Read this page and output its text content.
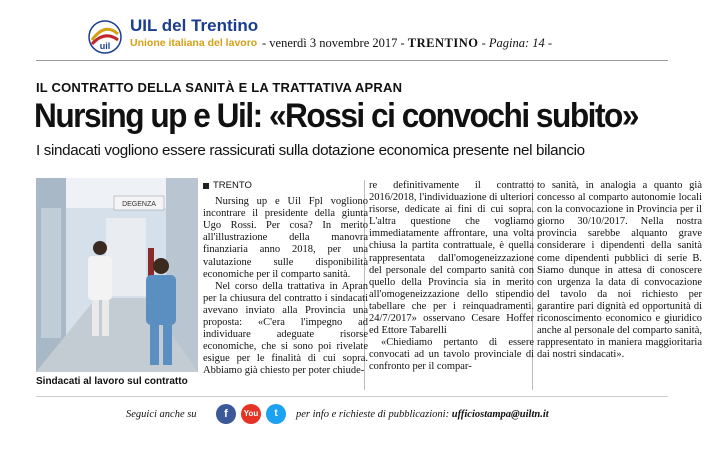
uil
UIL del Trentino
Unione italiana del lavoro - venerdì 3 novembre 2017 - TRENTINO - Pagina: 14 -
IL CONTRATTO DELLA SANITÀ E LA TRATTATIVA APRAN
Nursing up e Uil: «Rossi ci convochi subito»
I sindacati vogliono essere rassicurati sulla dotazione economica presente nel bilancio
DEGENZA
Sindacati al lavoro sul contratto
TRENTO

Nursing up e Uil Fpl vogliono incontrare il presidente della giunta Ugo Rossi. Per cosa? In merito all'illustrazione della manovra finanziaria anno 2018, per una valutazione sulle disponibilità economiche per il comparto sanità.

Nel corso della trattativa in Apran per la chiusura del contratto i sindacati avevano inviato alla Provincia una proposta: «C'era l'impegno ad individuare adeguate risorse economiche, che si sono poi rivelate esigue per le finalità di cui sopra. Abbiamo già chiesto per poter chiude-

re definitivamente il contratto 2016/2018, l'individuazione di ulteriori risorse, dedicate ai fini di cui sopra. L'altra questione che vogliamo immediatamente affrontare, una volta chiusa la partita contrattuale, è quella rappresentata dall'omogeneizzazione del personale del comparto sanità con quello della Provincia sia in merito all'omogeneizzazione dello stipendio tabellare che per i reinquadramenti. 24/7/2017» osservano Cesare Hoffer ed Ettore Tabarelli

«Chiediamo pertanto di essere convocati ad un tavolo provinciale di confronto per il compar-

to sanità, in analogia a quanto già concesso al comparto autonomie locali con la convocazione in Provincia per il giorno 30/10/2017. Nella nostra provincia sarebbe alquanto grave considerare i dipendenti della sanità come dipendenti pubblici di serie B. Siamo dunque in attesa di conoscere con urgenza la data di convocazione del tavolo da noi richiesto per garantire pari dignità ed opportunità di riconoscimento economico e giuridico anche al personale del comparto sanità, rappresentato in maniera maggioritaria dai nostri sindacati».

Seguici anche su	f	You	t	per info e richieste di pubblicazioni: ufficiostampa@uiltn.it
